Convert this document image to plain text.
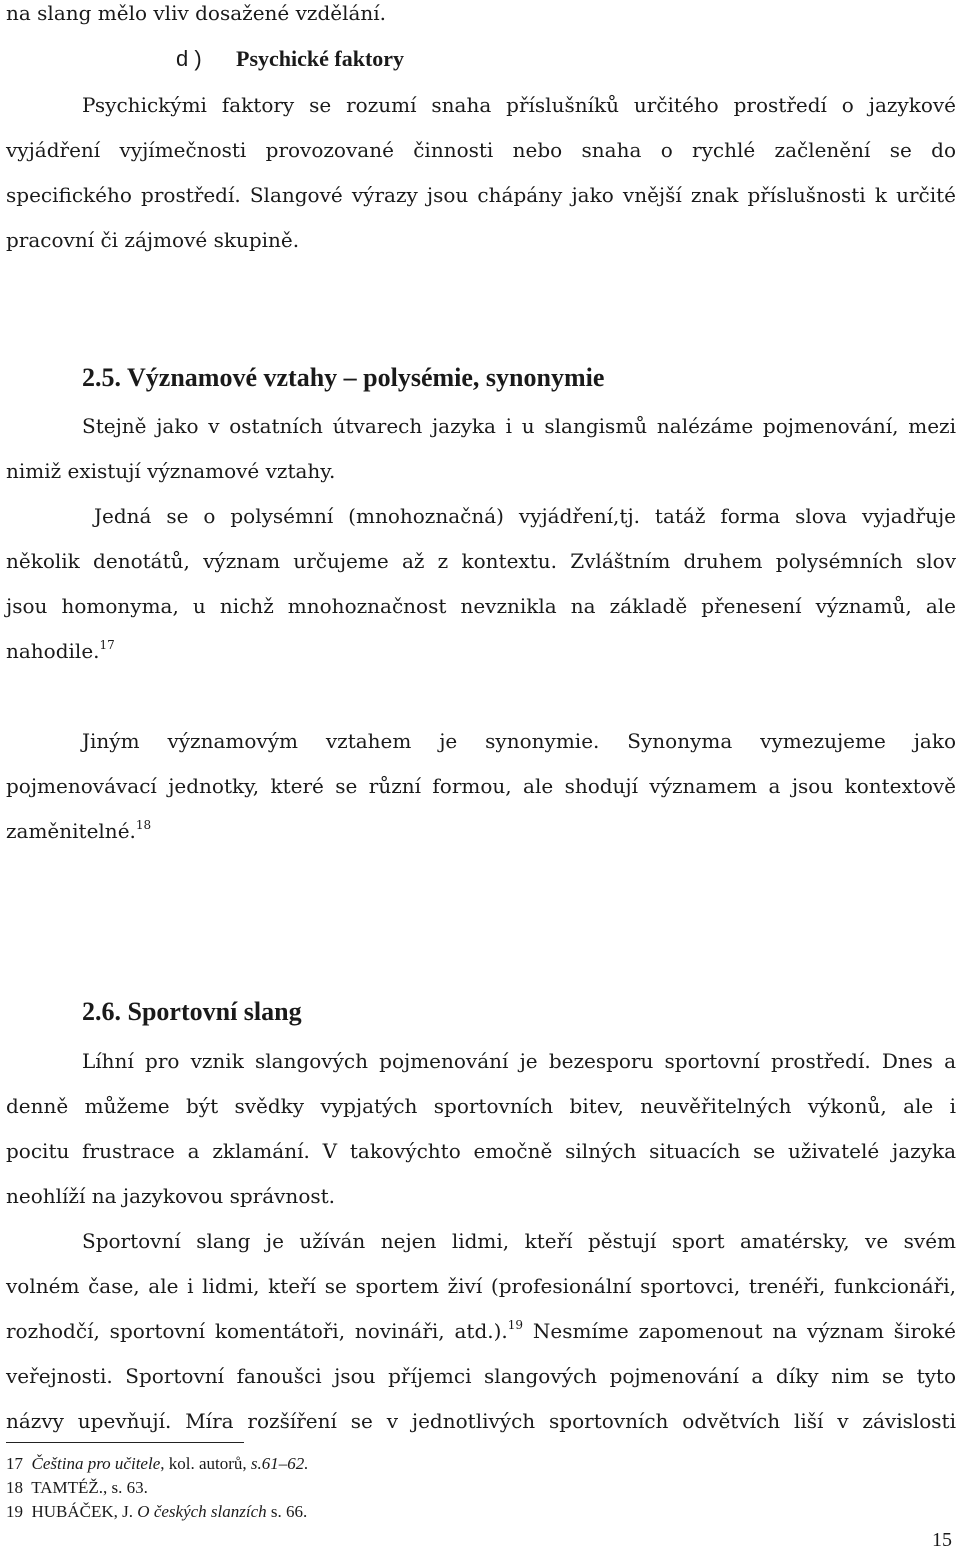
na slang mělo vliv dosažené vzdělání.
d ) Psychické faktory
Psychickými faktory se rozumí snaha příslušníků určitého prostředí o jazykové
vyjádření vyjímečnosti provozované činnosti nebo snaha o rychlé začlenění se do
specifického prostředí. Slangové výrazy jsou chápány jako vnější znak příslušnosti k určité
pracovní či zájmové skupině.
2.5. Významové vztahy – polysémie, synonymie
Stejně jako v ostatních útvarech jazyka i u slangismů nalézáme pojmenování, mezi
nimiž existují významové vztahy.
Jedná se o polysémní (mnohoznačná) vyjádření,tj. tatáž forma slova vyjadřuje
několik denotátů, význam určujeme až z kontextu. Zvláštním druhem polysémních slov
jsou homonyma, u nichž mnohoznačnost nevznikla na základě přenesení významů, ale
nahodile.$^{17}$
Jiným významovým vztahem je synonymie. Synonyma vymezujeme jako
pojmenovávací jednotky, které se různí formou, ale shodují významem a jsou kontextově
zaměnitelné.$^{18}$
2.6. Sportovní slang
Líhní pro vznik slangových pojmenování je bezesporu sportovní prostředí. Dnes a
denně můžeme být svědky vypjatých sportovních bitev, neuvěřitelných výkonů, ale i
pocitu frustrace a zklamání. V takovýchto emočně silných situacích se uživatelé jazyka
neohlíží na jazykovou správnost.
Sportovní slang je užíván nejen lidmi, kteří pěstují sport amatérsky, ve svém
volném čase, ale i lidmi, kteří se sportem živí (profesionální sportovci, trenéři, funkcionáři,
rozhodčí, sportovní komentátoři, novináři, atd.).$^{19}$ Nesmíme zapomenout na význam široké
veřejnosti. Sportovní fanoušci jsou příjemci slangových pojmenování a díky nim se tyto
názvy upevňují. Míra rozšíření se v jednotlivých sportovních odvětvích liší v závislosti
17 Čeština pro učitele, kol. autorů, s.61–62.
18 TAMTÉŽ., s. 63.
19 HUBÁČEK, J. O českých slanzích s. 66.
15
